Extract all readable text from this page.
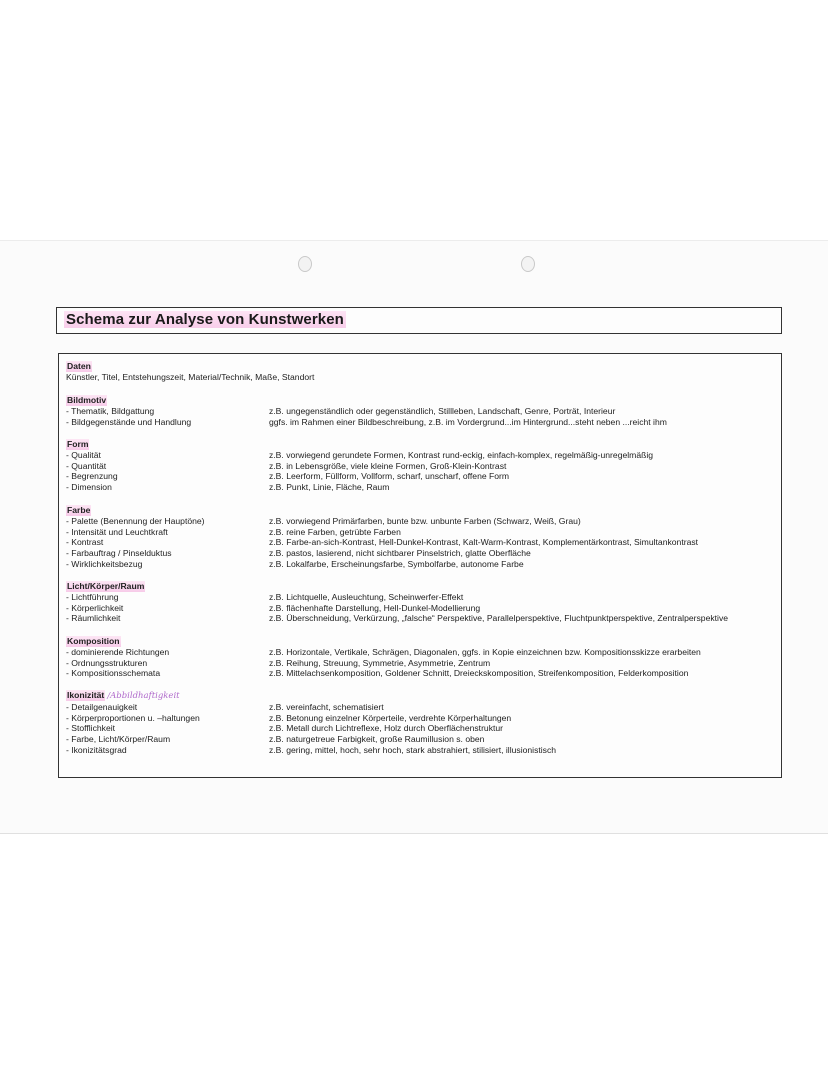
Schema zur Analyse von Kunstwerken
Daten
Künstler, Titel, Entstehungszeit, Material/Technik, Maße, Standort
Bildmotiv
- Thematik, Bildgattung	z.B. ungegenständlich oder gegenständlich, Stillleben, Landschaft, Genre, Porträt, Interieur
- Bildgegenstände und Handlung	ggfs. im Rahmen einer Bildbeschreibung, z.B. im Vordergrund...im Hintergrund...steht neben ...reicht ihm
Form
- Qualität	z.B. vorwiegend gerundete Formen, Kontrast rund-eckig, einfach-komplex, regelmäßig-unregelmäßig
- Quantität	z.B. in Lebensgröße, viele kleine Formen, Groß-Klein-Kontrast
- Begrenzung	z.B. Leerform, Füllform, Vollform, scharf, unscharf, offene Form
- Dimension	z.B. Punkt, Linie, Fläche, Raum
Farbe
- Palette (Benennung der Hauptöne)	z.B. vorwiegend Primärfarben, bunte bzw. unbunte Farben (Schwarz, Weiß, Grau)
- Intensität und Leuchtkraft	z.B. reine Farben, getrübte Farben
- Kontrast	z.B. Farbe-an-sich-Kontrast, Hell-Dunkel-Kontrast, Kalt-Warm-Kontrast, Komplementärkontrast, Simultankontrast
- Farbauftrag / Pinselduktus	z.B. pastos, lasierend, nicht sichtbarer Pinselstrich, glatte Oberfläche
- Wirklichkeitsbezug	z.B. Lokalfarbe, Erscheinungsfarbe, Symbolfarbe, autonome Farbe
Licht/Körper/Raum
- Lichtführung	z.B. Lichtquelle, Ausleuchtung, Scheinwerfer-Effekt
- Körperlichkeit	z.B. flächenhafte Darstellung, Hell-Dunkel-Modellierung
- Räumlichkeit	z.B. Überschneidung, Verkürzung, „falsche“ Perspektive, Parallelperspektive, Fluchtpunktperspektive, Zentralperspektive
Komposition
- dominierende Richtungen	z.B. Horizontale, Vertikale, Schrägen, Diagonalen, ggfs. in Kopie einzeichnen bzw. Kompositionsskizze erarbeiten
- Ordnungsstrukturen	z.B. Reihung, Streuung, Symmetrie, Asymmetrie, Zentrum
- Kompositionsschemata	z.B. Mittelachsenkomposition, Goldener Schnitt, Dreieckskomposition, Streifenkomposition, Felderkomposition
Ikonizität /Abbildhaftigkeit
- Detailgenauigkeit	z.B. vereinfacht, schematisiert
- Körperproportionen u. –haltungen	z.B. Betonung einzelner Körperteile, verdrehte Körperhaltungen
- Stofflichkeit	z.B. Metall durch Lichtreflexe, Holz durch Oberflächenstruktur
- Farbe, Licht/Körper/Raum	z.B. naturgetreue Farbigkeit, große Raumillusion s. oben
- Ikonizitätsgrad	z.B. gering, mittel, hoch, sehr hoch, stark abstrahiert, stilisiert, illusionistisch
